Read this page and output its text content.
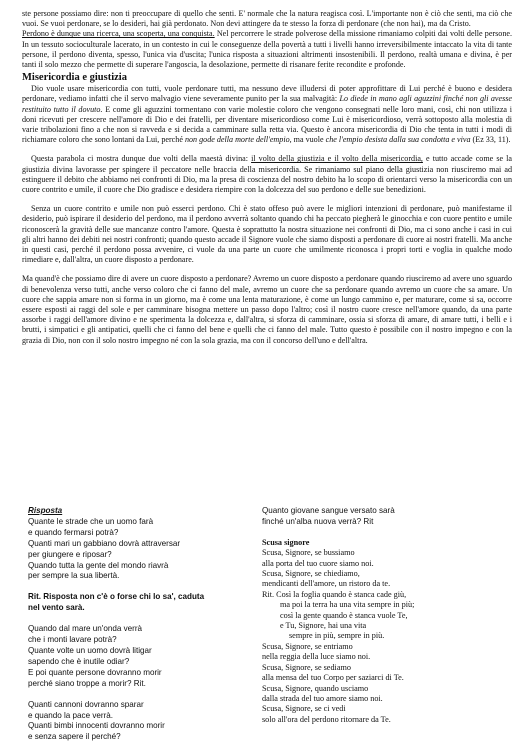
ste persone possiamo dire: non ti preoccupare di quello che senti. E' normale che la natura reagisca così. L'importante non è ciò che senti, ma ciò che vuoi. Se vuoi perdonare, se lo desideri, hai già perdonato. Non devi attingere da te stesso la forza di perdonare (che non hai), ma da Cristo.

Perdono è dunque una ricerca, una scoperta, una conquista. Nel percorrere le strade polverose della missione rimaniamo colpiti dai volti delle persone. In un tessuto socioculturale lacerato, in un contesto in cui le conseguenze della povertà a tutti i livelli hanno irreversibilmente intaccato la vita di tante persone, il perdono diventa, spesso, l'unica via d'uscita; l'unica risposta a situazioni altrimenti insostenibili. Il perdono, realtà umana e divina, è per tanti il solo mezzo che permette di superare l'angoscia, la desolazione, permette di risanare ferite reconditе e profonde.

Misericordia e giustizia

Dio vuole usare misericordia con tutti, vuole perdonare tutti, ma nessuno deve illudersi di poter approfittare di Lui perché è buono e desidera perdonare, vediamo infatti che il servo malvagio viene severamente punito per la sua malvagità: Lo diede in mano agli aguzzini finché non gli avesse restituito tutto il dovuto. E come gli aguzzini tormentano con varie molestie coloro che vengono consegnati nelle loro mani, così, chi non utilizza i doni ricevuti per crescere nell'amore di Dio e dei fratelli, per diventare misericordioso come Lui è misericordioso, verrà sottoposto alla molestia di varie tribolazioni fino a che non si ravveda e si decida a camminare sulla retta via. Questo è ancora misericordia di Dio che tenta in tutti i modi di richiamare coloro che sono lontani da Lui, perché non gode della morte dell'empio, ma vuole che l'empio desista dalla sua condotta e viva (Ez 33, 11).

Questa parabola ci mostra dunque due volti della maestà divina: il volto della giustizia e il volto della misericordia, e tutto accade come se la giustizia divina lavorasse per spingere il peccatore nelle braccia della misericordia. Se rimaniamo sul piano della giustizia non riusciremo mai ad estinguere il debito che abbiamo nei confronti di Dio, ma la presa di coscienza del nostro debito ha lo scopo di orientarci verso la misericordia con un cuore contrito e umile, il cuore che Dio gradisce e desidera riempire con la dolcezza del suo perdono e delle sue benedizioni.

Senza un cuore contrito e umile non può esserci perdono. Chi è stato offeso può avere le migliori intenzioni di perdonare, può manifestarne il desiderio, può ispirare il desiderio del perdono, ma il perdono avverrà soltanto quando chi ha peccato piegherà le ginocchia e con cuore pentito e umile riconoscerà la gravità delle sue mancanze contro l'amore. Questa è soprattutto la nostra situazione nei confronti di Dio, ma ci sono anche i casi in cui gli altri hanno dei debiti nei nostri confronti; quando questo accade il Signore vuole che siamo disposti a perdonare di cuore ai nostri fratelli. Ma anche in questi casi, perché il perdono possa avvenire, ci vuole da una parte un cuore che umilmente riconosca i propri torti e voglia in qualche modo rimediare e, dall'altra, un cuore disposto a perdonare.

Ma quand'è che possiamo dire di avere un cuore disposto a perdonare? Avremo un cuore disposto a perdonare quando riusciremo ad avere uno sguardo di benevolenza verso tutti, anche verso coloro che ci fanno del male, avremo un cuore che sa perdonare quando avremo un cuore che sa amare. Un cuore che sappia amare non si forma in un giorno, ma è come una lenta maturazione, è come un lungo cammino e, per maturare, come si sa, occorre essere esposti ai raggi del sole e per camminare bisogna mettere un passo dopo l'altro; così il nostro cuore cresce nell'amore quando, da una parte assorbe i raggi dell'amore divino e ne sperimenta la dolcezza e, dall'altra, si sforza di camminare, ossia si sforza di amare, di amare tutti, i belli e i brutti, i simpatici e gli antipatici, quelli che ci fanno del bene e quelli che ci fanno del male. Tutto questo è possibile con il nostro impegno e con la grazia di Dio, non con il solo nostro impegno né con la sola grazia, ma con il concorso dell'uno e dell'altra.

Risposta
Quante le strade che un uomo farà
e quando fermarsi potrà?
Quanti mari un gabbiano dovrà attraversar
per giungere e riposar?
Quando tutta la gente del mondo riavrà
per sempre la sua libertà.
Rit. Risposta non c'è o forse chi lo sa', caduta
nel vento sarà.
Quando dal mare un'onda verrà
che i monti lavare potrà?
Quante volte un uomo dovrà litigar
sapendo che è inutile odiar?
E poi quante persone dovranno morir
perché siano troppe a morir? Rit.
Quanti cannoni dovranno sparar
e quando la pace verrà.
Quanti bimbi innocenti dovranno morir
e senza sapere il perché?
Quanto giovane sangue versato sarà
finché un'alba nuova verrà? Rit
Scusa signore
Scusa, Signore, se bussiamo
alla porta del tuo cuore siamo noi.
Scusa, Signore, se chiediamo,
mendicanti dell'amore, un ristoro da te.
Rit. Così la foglia quando è stanca cade giù,
ma poi la terra ha una vita sempre in più;
così la gente quando è stanca vuole Te,
e Tu, Signore, hai una vita
sempre in più, sempre in più.
Scusa, Signore, se entriamo
nella reggia della luce siamo noi.
Scusa, Signore, se sediamo
alla mensa del tuo Corpo per saziarci di Te.
Scusa, Signore, quando usciamo
dalla strada del tuo amore siamo noi.
Scusa, Signore, se ci vedi
solo all'ora del perdono ritornare da Te.
